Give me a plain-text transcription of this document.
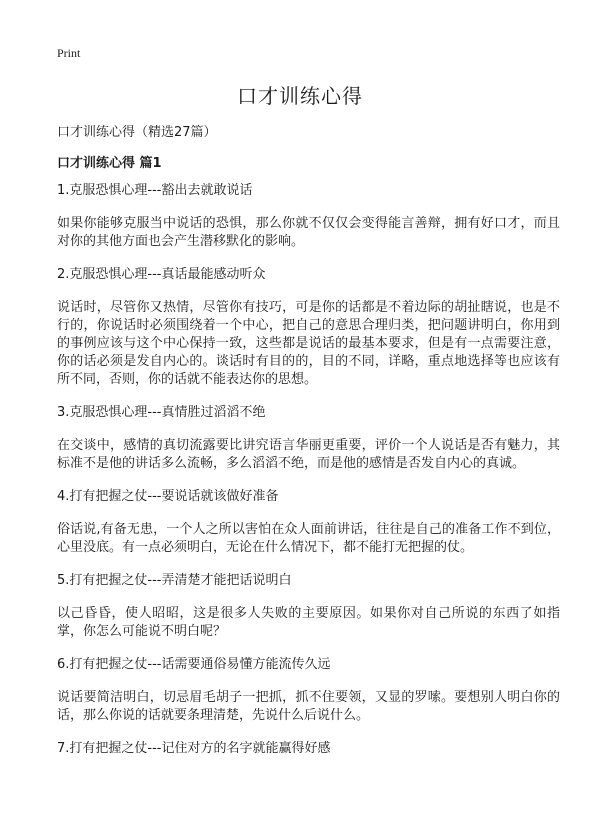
Print
口才训练心得
口才训练心得（精选27篇）
口才训练心得 篇1
1.克服恐惧心理---豁出去就敢说话
如果你能够克服当中说话的恐惧，那么你就不仅仅会变得能言善辩，拥有好口才，而且对你的其他方面也会产生潜移默化的影响。
2.克服恐惧心理---真话最能感动听众
说话时，尽管你又热情，尽管你有技巧，可是你的话都是不着边际的胡扯瞎说，也是不行的，你说话时必须围绕着一个中心，把自己的意思合理归类，把问题讲明白，你用到的事例应该与这个中心保持一致，这些都是说话的最基本要求，但是有一点需要注意，你的话必须是发自内心的。谈话时有目的的，目的不同，详略，重点地选择等也应该有所不同，否则，你的话就不能表达你的思想。
3.克服恐惧心理---真情胜过滔滔不绝
在交谈中，感情的真切流露要比讲究语言华丽更重要，评价一个人说话是否有魅力，其标准不是他的讲话多么流畅，多么滔滔不绝，而是他的感情是否发自内心的真诚。
4.打有把握之仗---要说话就该做好准备
俗话说,有备无患，一个人之所以害怕在众人面前讲话，往往是自己的准备工作不到位，心里没底。有一点必须明白，无论在什么情况下，都不能打无把握的仗。
5.打有把握之仗---弄清楚才能把话说明白
以己昏昏，使人昭昭，这是很多人失败的主要原因。如果你对自己所说的东西了如指掌，你怎么可能说不明白呢？
6.打有把握之仗---话需要通俗易懂方能流传久远
说话要简洁明白，切忌眉毛胡子一把抓，抓不住要领，又显的罗嗦。要想别人明白你的话，那么你说的话就要条理清楚，先说什么后说什么。
7.打有把握之仗---记住对方的名字就能赢得好感
